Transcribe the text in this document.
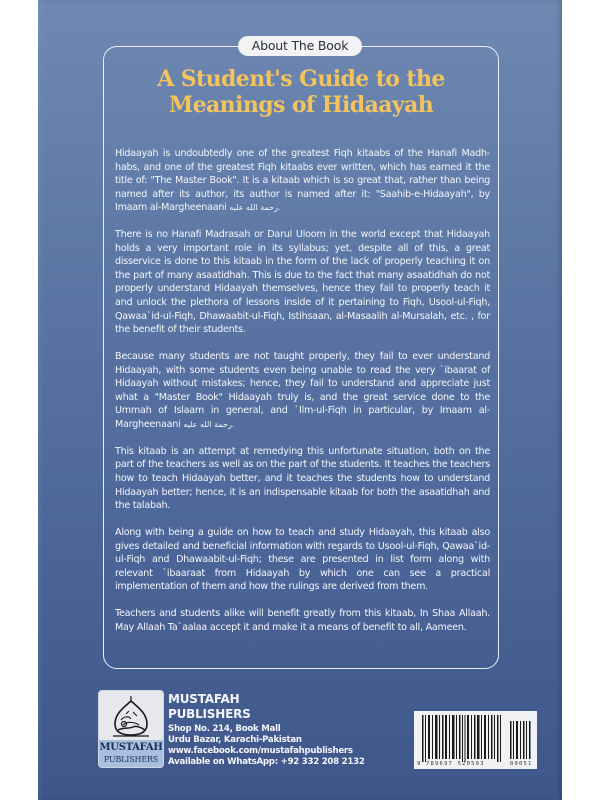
About The Book
A Student's Guide to the
Meanings of Hidaayah

Hidaayah is undoubtedly one of the greatest Fiqh kitaabs of the Hanafi Madh-habs, and one of the greatest Fiqh kitaabs ever written, which has earned it the title of: "The Master Book". It is a kitaab which is so great that, rather than being named after its author, its author is named after it: "Saahib-e-Hidaayah", by Imaam al-Margheenaani رحمة الله عليه.

There is no Hanafi Madrasah or Darul Uloom in the world except that Hidaayah holds a very important role in its syllabus; yet, despite all of this, a great disservice is done to this kitaab in the form of the lack of properly teaching it on the part of many asaatidhah. This is due to the fact that many asaatidhah do not properly understand Hidaayah themselves, hence they fail to properly teach it and unlock the plethora of lessons inside of it pertaining to Fiqh, Usool-ul-Fiqh, Qawaa`id-ul-Fiqh, Dhawaabit-ul-Fiqh, Istihsaan, al-Masaalih al-Mursalah, etc. , for the benefit of their students.

Because many students are not taught properly, they fail to ever understand Hidaayah, with some students even being unable to read the very `ibaarat of Hidaayah without mistakes; hence, they fail to understand and appreciate just what a "Master Book" Hidaayah truly is, and the great service done to the Ummah of Islaam in general, and `Ilm-ul-Fiqh in particular, by Imaam al-Margheenaani رحمة الله عليه.

This kitaab is an attempt at remedying this unfortunate situation, both on the part of the teachers as well as on the part of the students. It teaches the teachers how to teach Hidaayah better, and it teaches the students how to understand Hidaayah better; hence, it is an indispensable kitaab for both the asaatidhah and the talabah.

Along with being a guide on how to teach and study Hidaayah, this kitaab also gives detailed and beneficial information with regards to Usool-ul-Fiqh, Qawaa`id-ul-Fiqh and Dhawaabit-ul-Fiqh; these are presented in list form along with relevant `ibaaraat from Hidaayah by which one can see a practical implementation of them and how the rulings are derived from them.

Teachers and students alike will benefit greatly from this kitaab, In Shaa Allaah. May Allaah Ta`aalaa accept it and make it a means of benefit to all, Aameen.

MUSTAFAH
PUBLISHERS
MUSTAFAH
PUBLISHERS
Shop No. 214, Book Mall
Urdu Bazar, Karachi-Pakistan
www.facebook.com/mustafahpublishers
Available on WhatsApp: +92 332 208 2132	9 789697 520503	00051
